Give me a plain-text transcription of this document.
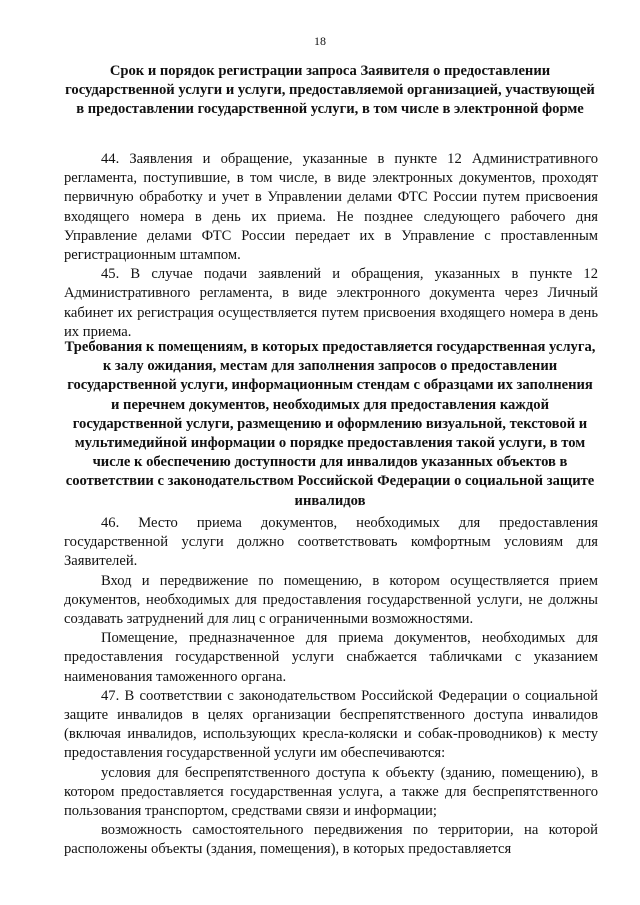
18
Срок и порядок регистрации запроса Заявителя о предоставлении государственной услуги и услуги, предоставляемой организацией, участвующей в предоставлении государственной услуги, в том числе в электронной форме

44. Заявления и обращение, указанные в пункте 12 Административного регламента, поступившие, в том числе, в виде электронных документов, проходят первичную обработку и учет в Управлении делами ФТС России путем присвоения входящего номера в день их приема. Не позднее следующего рабочего дня Управление делами ФТС России передает их в Управление с проставленным регистрационным штампом.

45. В случае подачи заявлений и обращения, указанных в пункте 12 Административного регламента, в виде электронного документа через Личный кабинет их регистрация осуществляется путем присвоения входящего номера в день их приема.

Требования к помещениям, в которых предоставляется государственная услуга, к залу ожидания, местам для заполнения запросов о предоставлении государственной услуги, информационным стендам с образцами их заполнения и перечнем документов, необходимых для предоставления каждой государственной услуги, размещению и оформлению визуальной, текстовой и мультимедийной информации о порядке предоставления такой услуги, в том числе к обеспечению доступности для инвалидов указанных объектов в соответствии с законодательством Российской Федерации о социальной защите инвалидов

46. Место приема документов, необходимых для предоставления государственной услуги должно соответствовать комфортным условиям для Заявителей.

Вход и передвижение по помещению, в котором осуществляется прием документов, необходимых для предоставления государственной услуги, не должны создавать затруднений для лиц с ограниченными возможностями.

Помещение, предназначенное для приема документов, необходимых для предоставления государственной услуги снабжается табличками с указанием наименования таможенного органа.

47. В соответствии с законодательством Российской Федерации о социальной защите инвалидов в целях организации беспрепятственного доступа инвалидов (включая инвалидов, использующих кресла-коляски и собак-проводников) к месту предоставления государственной услуги им обеспечиваются:

условия для беспрепятственного доступа к объекту (зданию, помещению), в котором предоставляется государственная услуга, а также для беспрепятственного пользования транспортом, средствами связи и информации;

возможность самостоятельного передвижения по территории, на которой расположены объекты (здания, помещения), в которых предоставляется
